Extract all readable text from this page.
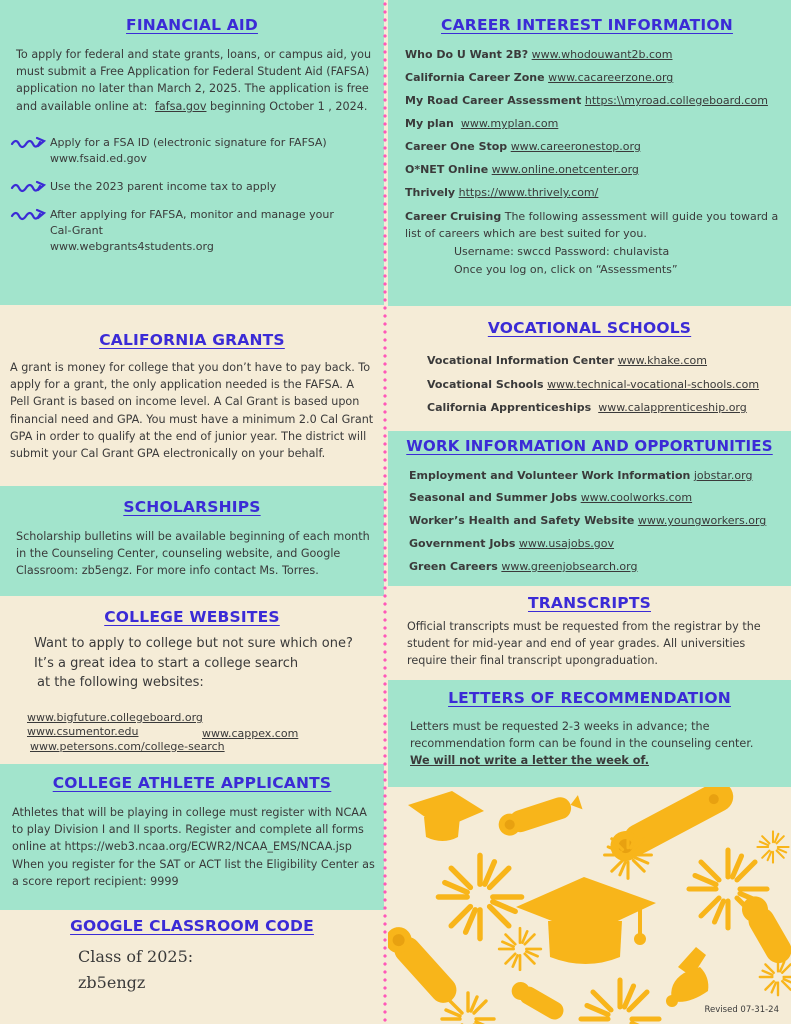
FINANCIAL AID

To apply for federal and state grants, loans, or campus aid, you must submit a Free Application for Federal Student Aid (FAFSA) application no later than March 2, 2025. The application is free and available online at: fafsa.gov beginning October 1 , 2024.

Apply for a FSA ID (electronic signature for FAFSA)
www.fsaid.ed.gov
Use the 2023 parent income tax to apply
After applying for FAFSA, monitor and manage your
Cal-Grant
www.webgrants4students.org
CALIFORNIA GRANTS

A grant is money for college that you don’t have to pay back. To apply for a grant, the only application needed is the FAFSA. A Pell Grant is based on income level. A Cal Grant is based upon financial need and GPA. You must have a minimum 2.0 Cal Grant GPA in order to qualify at the end of junior year. The district will submit your Cal Grant GPA electronically on your behalf.

SCHOLARSHIPS

Scholarship bulletins will be available beginning of each month in the Counseling Center, counseling website, and Google Classroom: zb5engz. For more info contact Ms. Torres.

COLLEGE WEBSITES
Want to apply to college but not sure which one?
It’s a great idea to start a college search
at the following websites:
www.bigfuture.collegeboard.org
www.csumentor.edu	www.cappex.com
www.petersons.com/college-search
COLLEGE ATHLETE APPLICANTS

Athletes that will be playing in college must register with NCAA to play Division I and II sports. Register and complete all forms online at https://web3.ncaa.org/ECWR2/NCAA_EMS/NCAA.jsp When you register for the SAT or ACT list the Eligibility Center as a score report recipient: 9999

GOOGLE CLASSROOM CODE
Class of 2025:
zb5engz
CAREER INTEREST INFORMATION
Who Do U Want 2B? www.whodouwant2b.com
California Career Zone www.cacareerzone.org
My Road Career Assessment https:\\myroad.collegeboard.com
My plan www.myplan.com
Career One Stop www.careeronestop.org
O*NET Online www.online.onetcenter.org
Thrively https://www.thrively.com/
Career Cruising The following assessment will guide you toward a
list of careers which are best suited for you.
Username: swccd Password: chulavista
Once you log on, click on “Assessments”
VOCATIONAL SCHOOLS
Vocational Information Center www.khake.com
Vocational Schools www.technical-vocational-schools.com
California Apprenticeships www.calapprenticeship.org
WORK INFORMATION AND OPPORTUNITIES
Employment and Volunteer Work Information jobstar.org
Seasonal and Summer Jobs www.coolworks.com
Worker’s Health and Safety Website www.youngworkers.org
Government Jobs www.usajobs.gov
Green Careers www.greenjobsearch.org
TRANSCRIPTS

Official transcripts must be requested from the registrar by the student for mid-year and end of year grades. All universities require their final transcript upongraduation.

LETTERS OF RECOMMENDATION

Letters must be requested 2-3 weeks in advance; the recommendation form can be found in the counseling center.

We will not write a letter the week of.

Revised 07-31-24
